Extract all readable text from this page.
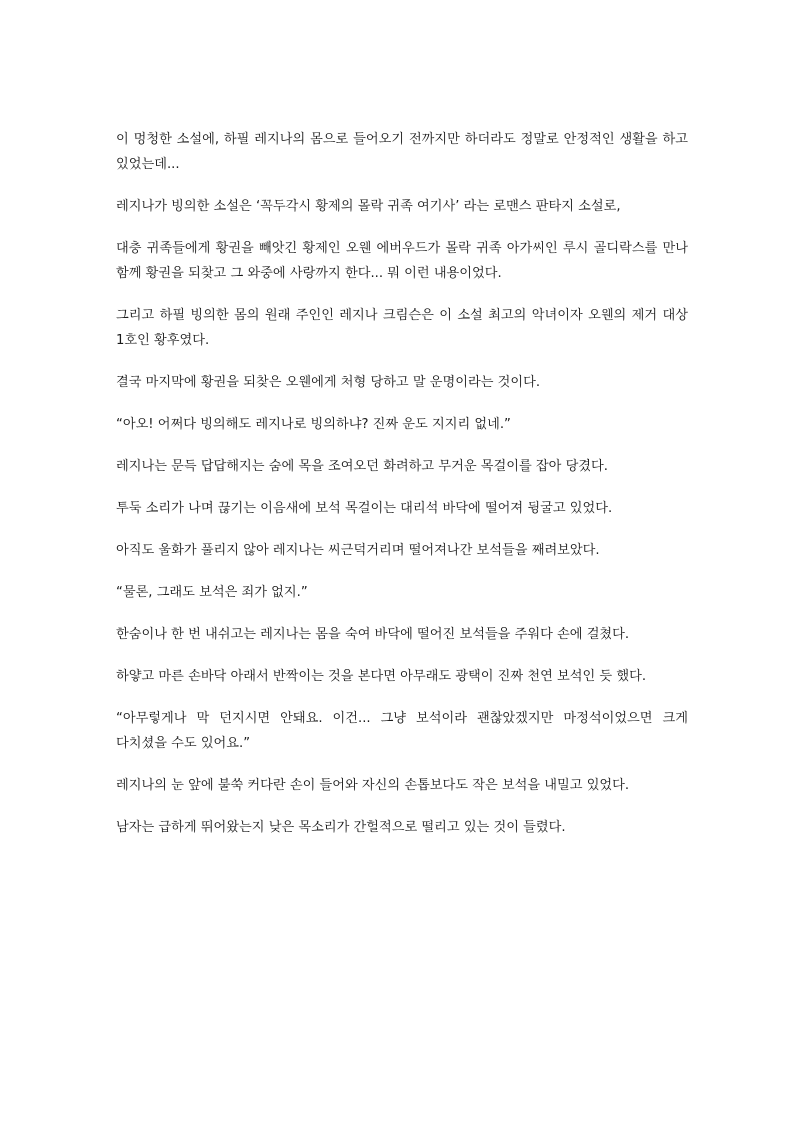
이 멍청한 소설에, 하필 레지나의 몸으로 들어오기 전까지만 하더라도 정말로 안정적인 생활을 하고 있었는데...

레지나가 빙의한 소설은 ‘꼭두각시 황제의 몰락 귀족 여기사’ 라는 로맨스 판타지 소설로,

대충 귀족들에게 황권을 빼앗긴 황제인 오웬 에버우드가 몰락 귀족 아가씨인 루시 골디락스를 만나 함께 황권을 되찾고 그 와중에 사랑까지 한다... 뭐 이런 내용이었다.

그리고 하필 빙의한 몸의 원래 주인인 레지나 크림슨은 이 소설 최고의 악녀이자 오웬의 제거 대상 1호인 황후였다.

결국 마지막에 황권을 되찾은 오웬에게 처형 당하고 말 운명이라는 것이다.

“아오! 어쩌다 빙의해도 레지나로 빙의하냐? 진짜 운도 지지리 없네.”

레지나는 문득 답답해지는 숨에 목을 조여오던 화려하고 무거운 목걸이를 잡아 당겼다.

투둑 소리가 나며 끊기는 이음새에 보석 목걸이는 대리석 바닥에 떨어져 뒹굴고 있었다.

아직도 울화가 풀리지 않아 레지나는 씨근덕거리며 떨어져나간 보석들을 째려보았다.

“물론, 그래도 보석은 죄가 없지.”

한숨이나 한 번 내쉬고는 레지나는 몸을 숙여 바닥에 떨어진 보석들을 주워다 손에 걸쳤다.

하얗고 마른 손바닥 아래서 반짝이는 것을 본다면 아무래도 광택이 진짜 천연 보석인 듯 했다.

“아무렇게나 막 던지시면 안돼요. 이건... 그냥 보석이라 괜찮았겠지만 마정석이었으면 크게 다치셨을 수도 있어요.”

레지나의 눈 앞에 불쑥 커다란 손이 들어와 자신의 손톱보다도 작은 보석을 내밀고 있었다.

남자는 급하게 뛰어왔는지 낮은 목소리가 간헐적으로 떨리고 있는 것이 들렸다.
